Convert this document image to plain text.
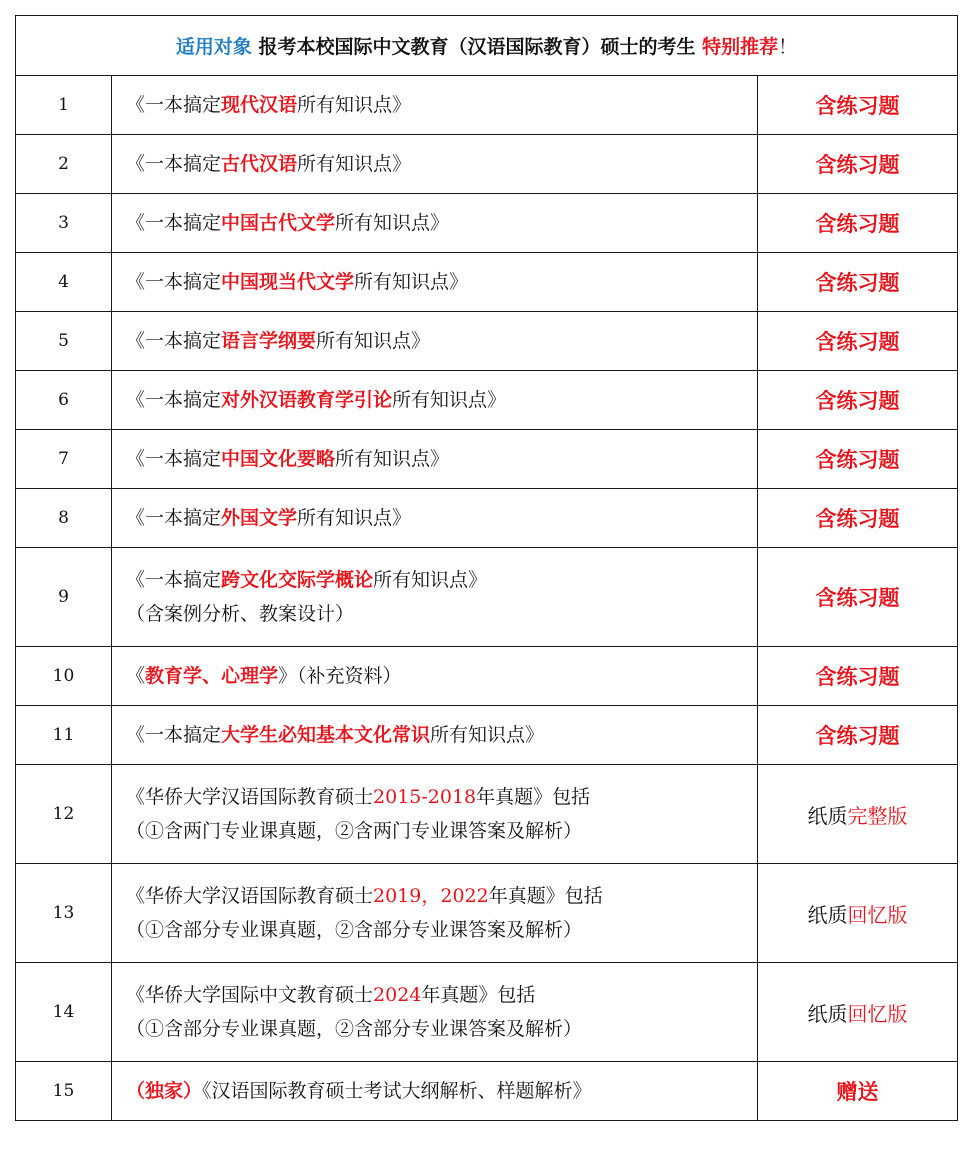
适用对象 报考本校国际中文教育（汉语国际教育）硕士的考生 特别推荐！		
1	《一本搞定现代汉语所有知识点》	含练习题
2	《一本搞定古代汉语所有知识点》	含练习题
3	《一本搞定中国古代文学所有知识点》	含练习题
4	《一本搞定中国现当代文学所有知识点》	含练习题
5	《一本搞定语言学纲要所有知识点》	含练习题
6	《一本搞定对外汉语教育学引论所有知识点》	含练习题
7	《一本搞定中国文化要略所有知识点》	含练习题
8	《一本搞定外国文学所有知识点》	含练习题
9	《一本搞定跨文化交际学概论所有知识点》
（含案例分析、教案设计）	含练习题
10	《教育学、心理学》（补充资料）	含练习题
11	《一本搞定大学生必知基本文化常识所有知识点》	含练习题
12	《华侨大学汉语国际教育硕士2015-2018年真题》包括
（①含两门专业课真题，②含两门专业课答案及解析）	纸质完整版
13	《华侨大学汉语国际教育硕士2019，2022年真题》包括
（①含部分专业课真题，②含部分专业课答案及解析）	纸质回忆版
14	《华侨大学国际中文教育硕士2024年真题》包括
（①含部分专业课真题，②含部分专业课答案及解析）	纸质回忆版
15	（独家）《汉语国际教育硕士考试大纲解析、样题解析》	赠送
